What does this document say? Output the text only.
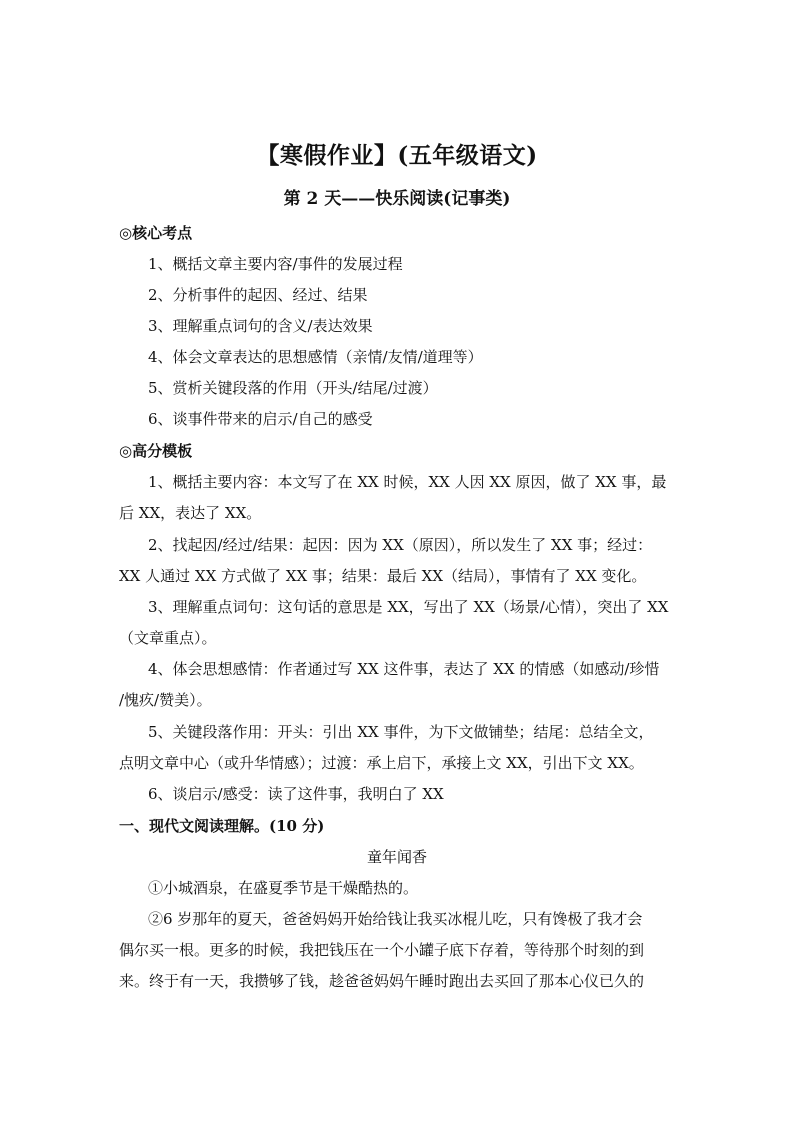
【寒假作业】(五年级语文)
第 2 天——快乐阅读(记事类)
◎核心考点
1、概括文章主要内容/事件的发展过程
2、分析事件的起因、经过、结果
3、理解重点词句的含义/表达效果
4、体会文章表达的思想感情（亲情/友情/道理等）
5、赏析关键段落的作用（开头/结尾/过渡）
6、谈事件带来的启示/自己的感受
◎高分模板
1、概括主要内容：本文写了在 XX 时候，XX 人因 XX 原因，做了 XX 事，最
后 XX，表达了 XX。
2、找起因/经过/结果：起因：因为 XX（原因），所以发生了 XX 事；经过：
XX 人通过 XX 方式做了 XX 事；结果：最后 XX（结局），事情有了 XX 变化。
3、理解重点词句：这句话的意思是 XX，写出了 XX（场景/心情），突出了 XX
（文章重点）。
4、体会思想感情：作者通过写 XX 这件事，表达了 XX 的情感（如感动/珍惜
/愧疚/赞美）。
5、关键段落作用：开头：引出 XX 事件，为下文做铺垫；结尾：总结全文，
点明文章中心（或升华情感）；过渡：承上启下，承接上文 XX，引出下文 XX。
6、谈启示/感受：读了这件事，我明白了 XX
一、现代文阅读理解。(10 分)
童年闻香
①小城酒泉，在盛夏季节是干燥酷热的。
②6 岁那年的夏天，爸爸妈妈开始给钱让我买冰棍儿吃，只有馋极了我才会
偶尔买一根。更多的时候，我把钱压在一个小罐子底下存着，等待那个时刻的到
来。终于有一天，我攒够了钱，趁爸爸妈妈午睡时跑出去买回了那本心仪已久的
